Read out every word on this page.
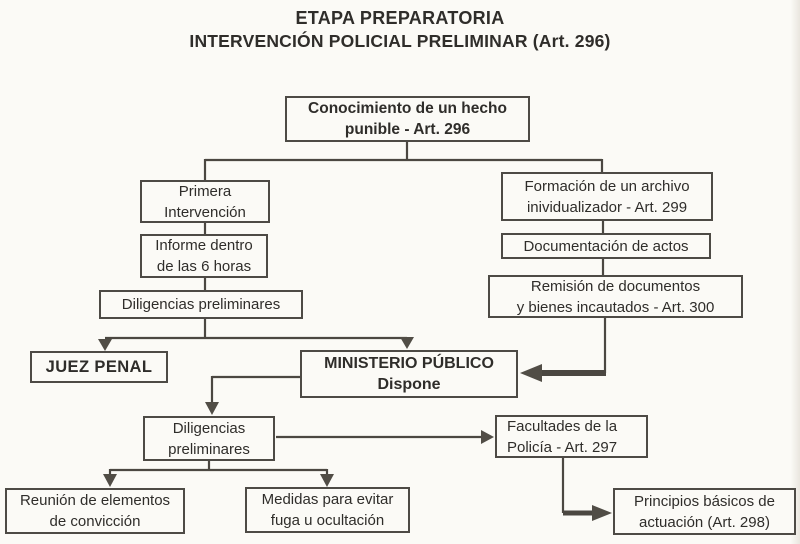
ETAPA PREPARATORIA
INTERVENCIÓN POLICIAL PRELIMINAR (Art. 296)
Conocimiento de un hecho
punible - Art. 296
Primera
Intervención
Informe dentro
de las 6 horas
Diligencias preliminares
JUEZ PENAL	MINISTERIO PÚBLICO
Dispone
Formación de un archivo
inividualizador - Art. 299
Documentación de actos
Remisión de documentos
y bienes incautados - Art. 300
Diligencias
preliminares
Facultades de la
Policía - Art. 297
Reunión de elementos
de convicción
Medidas para evitar
fuga u ocultación
Principios básicos de
actuación (Art. 298)
